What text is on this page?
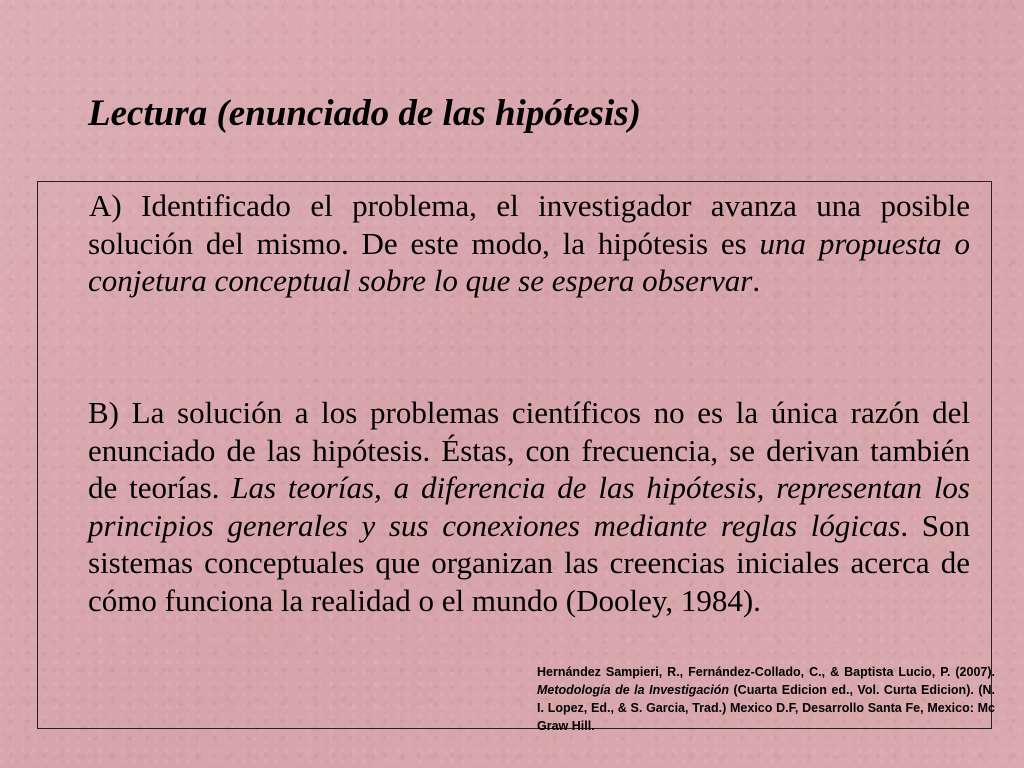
Lectura (enunciado de las hipótesis)

A) Identificado el problema, el investigador avanza una posible solución del mismo. De este modo, la hipótesis es una propuesta o conjetura conceptual sobre lo que se espera observar.

B) La solución a los problemas científicos no es la única razón del enunciado de las hipótesis. Éstas, con frecuencia, se derivan también de teorías. Las teorías, a diferencia de las hipótesis, representan los principios generales y sus conexiones mediante reglas lógicas. Son sistemas conceptuales que organizan las creencias iniciales acerca de cómo funciona la realidad o el mundo (Dooley, 1984).

Hernández Sampieri, R., Fernández-Collado, C., & Baptista Lucio, P. (2007). Metodología de la Investigación (Cuarta Edicion ed., Vol. Curta Edicion). (N. I. Lopez, Ed., & S. Garcia, Trad.) Mexico D.F, Desarrollo Santa Fe, Mexico: Mc Graw Hill.
